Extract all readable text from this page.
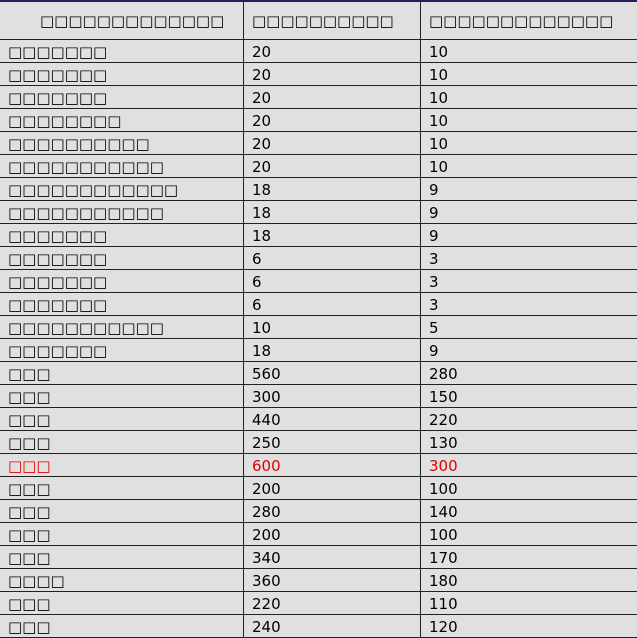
□□□□□□□□□□□□□	□□□□□□□□□□	□□□□□□□□□□□□□
□□□□□□□	20	10
□□□□□□□	20	10
□□□□□□□	20	10
□□□□□□□□	20	10
□□□□□□□□□□	20	10
□□□□□□□□□□□	20	10
□□□□□□□□□□□□	18	9
□□□□□□□□□□□	18	9
□□□□□□□	18	9
□□□□□□□	6	3
□□□□□□□	6	3
□□□□□□□	6	3
□□□□□□□□□□□	10	5
□□□□□□□	18	9
□□□	560	280
□□□	300	150
□□□	440	220
□□□	250	130
□□□	600	300
□□□	200	100
□□□	280	140
□□□	200	100
□□□	340	170
□□□□	360	180
□□□	220	110
□□□	240	120
